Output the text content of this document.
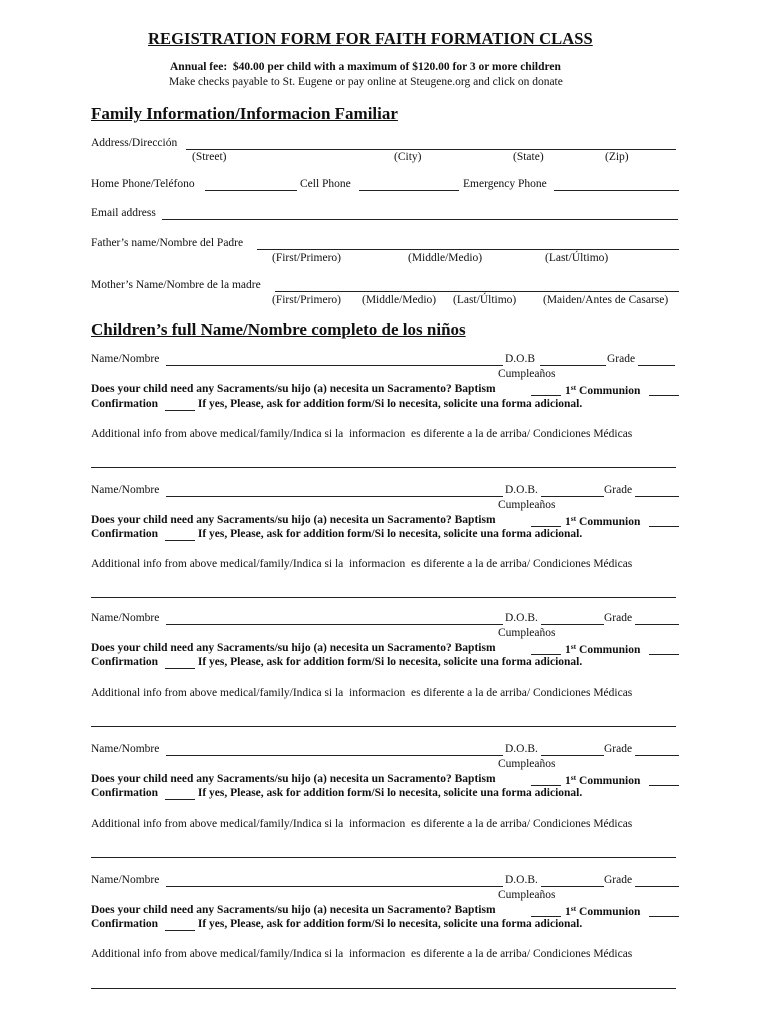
REGISTRATION FORM FOR FAITH FORMATION CLASS
Annual fee:  $40.00 per child with a maximum of $120.00 for 3 or more children
Make checks payable to St. Eugene or pay online at Steugene.org and click on donate
Family Information/Informacion Familiar
Address/Dirección
(Street)	(City)	(State)	(Zip)
Home Phone/Teléfono	Cell Phone	Emergency Phone
Email address
Father’s name/Nombre del Padre
(First/Primero)	(Middle/Medio)	(Last/Último)
Mother’s Name/Nombre de la madre
(First/Primero) (Middle/Medio) (Last/Último) (Maiden/Antes de Casarse)
Children’s full Name/Nombre completo de los niños
Name/Nombre	D.O.B	Grade
Cumpleaños
Does your child need any Sacraments/su hijo (a) necesita un Sacramento? Baptism	1st Communion
Confirmation	If yes, Please, ask for addition form/Si lo necesita, solicite una forma adicional.
Additional info from above medical/family/Indica si la  informacion  es diferente a la de arriba/ Condiciones Médicas
Name/Nombre	D.O.B.	Grade
Cumpleaños
Does your child need any Sacraments/su hijo (a) necesita un Sacramento? Baptism	1st Communion
Confirmation	If yes, Please, ask for addition form/Si lo necesita, solicite una forma adicional.
Additional info from above medical/family/Indica si la  informacion  es diferente a la de arriba/ Condiciones Médicas
Name/Nombre	D.O.B.	Grade
Cumpleaños
Does your child need any Sacraments/su hijo (a) necesita un Sacramento? Baptism	1st Communion
Confirmation	If yes, Please, ask for addition form/Si lo necesita, solicite una forma adicional.
Additional info from above medical/family/Indica si la  informacion  es diferente a la de arriba/ Condiciones Médicas
Name/Nombre	D.O.B.	Grade
Cumpleaños
Does your child need any Sacraments/su hijo (a) necesita un Sacramento? Baptism	1st Communion
Confirmation	If yes, Please, ask for addition form/Si lo necesita, solicite una forma adicional.
Additional info from above medical/family/Indica si la  informacion  es diferente a la de arriba/ Condiciones Médicas
Name/Nombre	D.O.B.	Grade
Cumpleaños
Does your child need any Sacraments/su hijo (a) necesita un Sacramento? Baptism	1st Communion
Confirmation	If yes, Please, ask for addition form/Si lo necesita, solicite una forma adicional.
Additional info from above medical/family/Indica si la  informacion  es diferente a la de arriba/ Condiciones Médicas
